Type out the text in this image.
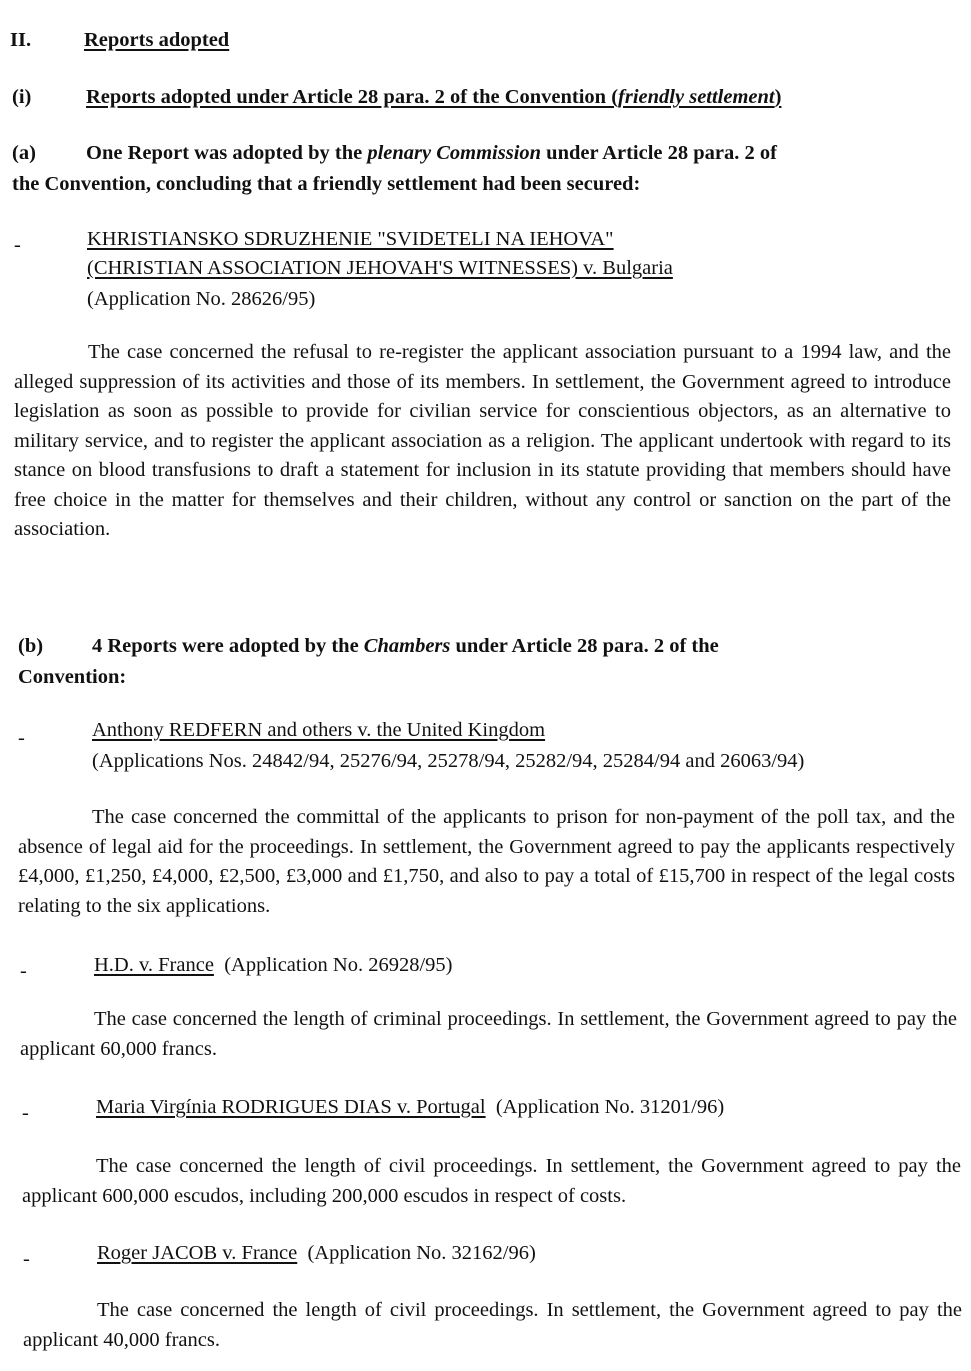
II.	Reports adopted
(i)	Reports adopted under Article 28 para. 2 of the Convention (friendly settlement)
(a) One Report was adopted by the plenary Commission under Article 28 para. 2 of
the Convention, concluding that a friendly settlement had been secured:
-	KHRISTIANSKO SDRUZHENIE "SVIDETELI NA IEHOVA"
(CHRISTIAN ASSOCIATION JEHOVAH'S WITNESSES) v. Bulgaria
(Application No. 28626/95)

The case concerned the refusal to re-register the applicant association pursuant to a 1994 law, and the alleged suppression of its activities and those of its members. In settlement, the Government agreed to introduce legislation as soon as possible to provide for civilian service for conscientious objectors, as an alternative to military service, and to register the applicant association as a religion. The applicant undertook with regard to its stance on blood transfusions to draft a statement for inclusion in its statute providing that members should have free choice in the matter for themselves and their children, without any control or sanction on the part of the association.

(b) 4 Reports were adopted by the Chambers under Article 28 para. 2 of the
Convention:
-	Anthony REDFERN and others v. the United Kingdom
(Applications Nos. 24842/94, 25276/94, 25278/94, 25282/94, 25284/94 and 26063/94)

The case concerned the committal of the applicants to prison for non-payment of the poll tax, and the absence of legal aid for the proceedings. In settlement, the Government agreed to pay the applicants respectively £4,000, £1,250, £4,000, £2,500, £3,000 and £1,750, and also to pay a total of £15,700 in respect of the legal costs relating to the six applications.

-	H.D. v. France (Application No. 26928/95)

The case concerned the length of criminal proceedings. In settlement, the Government agreed to pay the applicant 60,000 francs.

-	Maria Virgínia RODRIGUES DIAS v. Portugal (Application No. 31201/96)

The case concerned the length of civil proceedings. In settlement, the Government agreed to pay the applicant 600,000 escudos, including 200,000 escudos in respect of costs.

-	Roger JACOB v. France (Application No. 32162/96)

The case concerned the length of civil proceedings. In settlement, the Government agreed to pay the applicant 40,000 francs.
